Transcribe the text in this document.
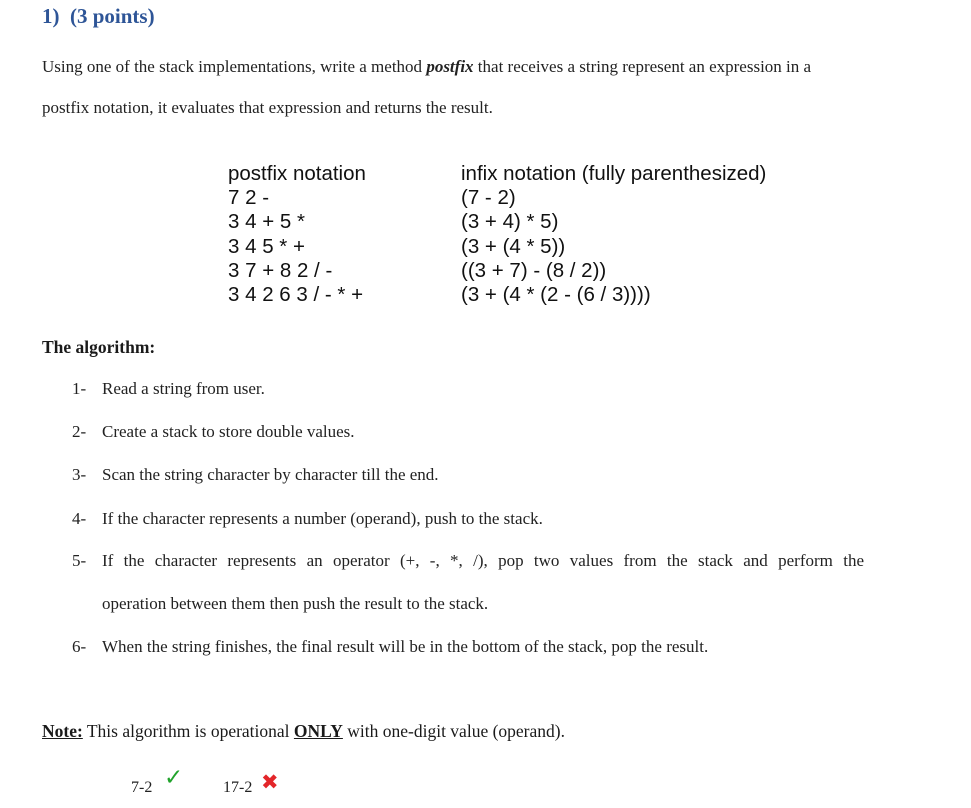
1) (3 points)
Using one of the stack implementations, write a method postfix that receives a string represent an expression in a
postfix notation, it evaluates that expression and returns the result.
postfix notation
7 2 -
3 4 + 5 *
3 4 5 * +
3 7 + 8 2 / -
3 4 2 6 3 / - * +
infix notation (fully parenthesized)
(7 - 2)
(3 + 4) * 5)
(3 + (4 * 5))
((3 + 7) - (8 / 2))
(3 + (4 * (2 - (6 / 3))))
The algorithm:
1- Read a string from user.
2- Create a stack to store double values.
3- Scan the string character by character till the end.
4- If the character represents a number (operand), push to the stack.
5- If the character represents an operator (+, -, *, /), pop two values from the stack and perform the
operation between them then push the result to the stack.
6- When the string finishes, the final result will be in the bottom of the stack, pop the result.
Note: This algorithm is operational ONLY with one-digit value (operand).
7-2 ✓ 17-2 ✖
